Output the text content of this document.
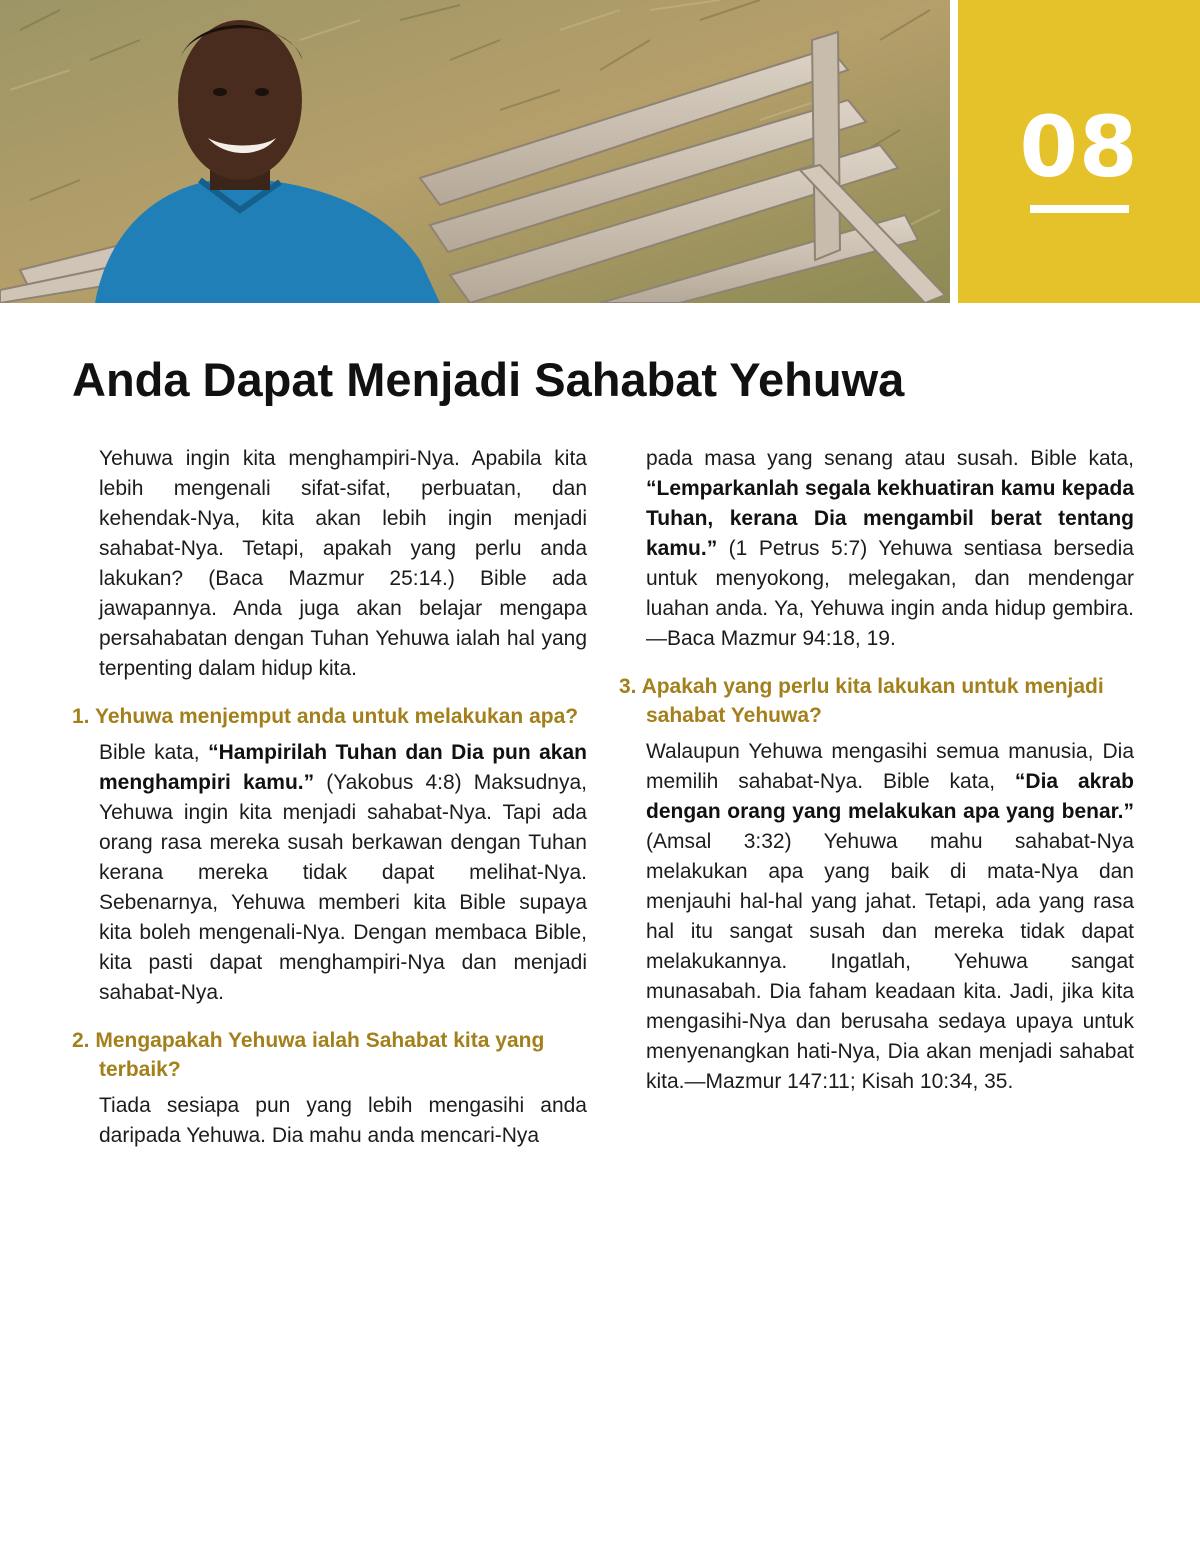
08
Anda Dapat Menjadi Sahabat Yehuwa

Yehuwa ingin kita menghampiri-Nya. Apabila kita lebih mengenali sifat-sifat, perbuatan, dan kehendak-Nya, kita akan lebih ingin menjadi sahabat-Nya. Tetapi, apakah yang perlu anda lakukan? (Baca Mazmur 25:14.) Bible ada jawapannya. Anda juga akan belajar mengapa persahabatan dengan Tuhan Yehuwa ialah hal yang terpenting dalam hidup kita.

1. Yehuwa menjemput anda untuk melakukan apa?

Bible kata, “Hampirilah Tuhan dan Dia pun akan menghampiri kamu.” (Yakobus 4:8) Maksudnya, Yehuwa ingin kita menjadi sahabat-Nya. Tapi ada orang rasa mereka susah berkawan dengan Tuhan kerana mereka tidak dapat melihat-Nya. Sebenarnya, Yehuwa memberi kita Bible supaya kita boleh mengenali-Nya. Dengan membaca Bible, kita pasti dapat menghampiri-Nya dan menjadi sahabat-Nya.

2. Mengapakah Yehuwa ialah Sahabat kita yang terbaik?

Tiada sesiapa pun yang lebih mengasihi anda daripada Yehuwa. Dia mahu anda mencari-Nya

pada masa yang senang atau susah. Bible kata, “Lemparkanlah segala kekhuatiran kamu kepada Tuhan, kerana Dia mengambil berat tentang kamu.” (1 Petrus 5:7) Yehuwa sentiasa bersedia untuk menyokong, melegakan, dan mendengar luahan anda. Ya, Yehuwa ingin anda hidup gembira.—Baca Mazmur 94:18, 19.

3. Apakah yang perlu kita lakukan untuk menjadi sahabat Yehuwa?

Walaupun Yehuwa mengasihi semua manusia, Dia memilih sahabat-Nya. Bible kata, “Dia akrab dengan orang yang melakukan apa yang benar.” (Amsal 3:32) Yehuwa mahu sahabat-Nya melakukan apa yang baik di mata-Nya dan menjauhi hal-hal yang jahat. Tetapi, ada yang rasa hal itu sangat susah dan mereka tidak dapat melakukannya. Ingatlah, Yehuwa sangat munasabah. Dia faham keadaan kita. Jadi, jika kita mengasihi-Nya dan berusaha sedaya upaya untuk menyenangkan hati-Nya, Dia akan menjadi sahabat kita.—Mazmur 147:11; Kisah 10:34, 35.
